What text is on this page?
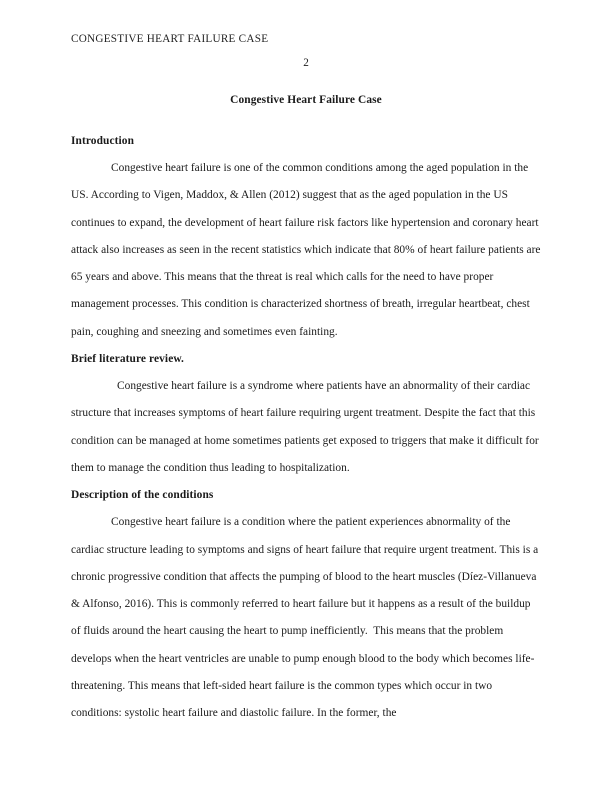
CONGESTIVE HEART FAILURE CASE
2
Congestive Heart Failure Case
Introduction

Congestive heart failure is one of the common conditions among the aged population in the US. According to Vigen, Maddox, & Allen (2012) suggest that as the aged population in the US continues to expand, the development of heart failure risk factors like hypertension and coronary heart attack also increases as seen in the recent statistics which indicate that 80% of heart failure patients are 65 years and above. This means that the threat is real which calls for the need to have proper management processes. This condition is characterized shortness of breath, irregular heartbeat, chest pain, coughing and sneezing and sometimes even fainting.

Brief literature review.

Congestive heart failure is a syndrome where patients have an abnormality of their cardiac structure that increases symptoms of heart failure requiring urgent treatment. Despite the fact that this condition can be managed at home sometimes patients get exposed to triggers that make it difficult for them to manage the condition thus leading to hospitalization.

Description of the conditions

Congestive heart failure is a condition where the patient experiences abnormality of the cardiac structure leading to symptoms and signs of heart failure that require urgent treatment. This is a chronic progressive condition that affects the pumping of blood to the heart muscles (Díez-Villanueva & Alfonso, 2016). This is commonly referred to heart failure but it happens as a result of the buildup of fluids around the heart causing the heart to pump inefficiently.  This means that the problem develops when the heart ventricles are unable to pump enough blood to the body which becomes life-threatening. This means that left-sided heart failure is the common types which occur in two conditions: systolic heart failure and diastolic failure. In the former, the
